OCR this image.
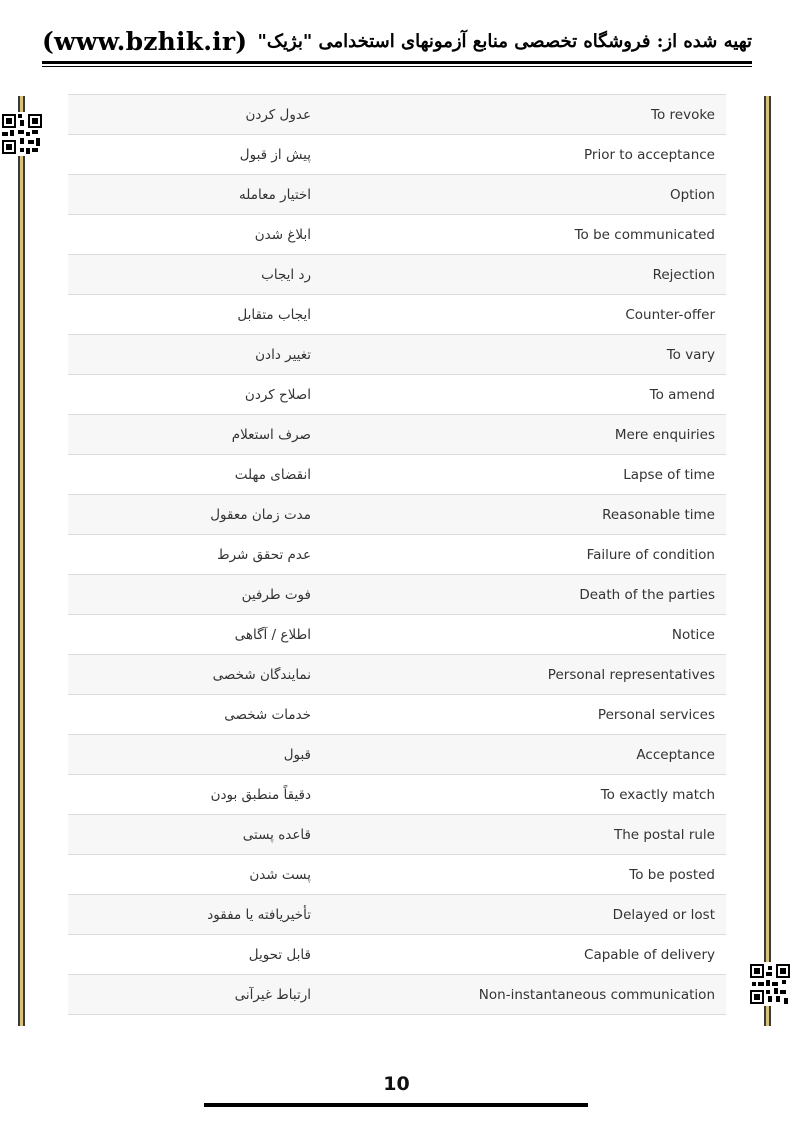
(www.bzhik.ir) تهیه شده از: فروشگاه تخصصی منابع آزمونهای استخدامی "بژیک"
عدول کردن	To revoke
پیش از قبول	Prior to acceptance
اختیار معامله	Option
ابلاغ شدن	To be communicated
رد ایجاب	Rejection
ایجاب متقابل	Counter-offer
تغییر دادن	To vary
اصلاح کردن	To amend
صرف استعلام	Mere enquiries
انقضای مهلت	Lapse of time
مدت زمان معقول	Reasonable time
عدم تحقق شرط	Failure of condition
فوت طرفین	Death of the parties
اطلاع / آگاهی	Notice
نمایندگان شخصی	Personal representatives
خدمات شخصی	Personal services
قبول	Acceptance
دقیقاً منطبق بودن	To exactly match
قاعده پستی	The postal rule
پست شدن	To be posted
تأخیریافته یا مفقود	Delayed or lost
قابل تحویل	Capable of delivery
ارتباط غیرآنی	Non-instantaneous communication
10
